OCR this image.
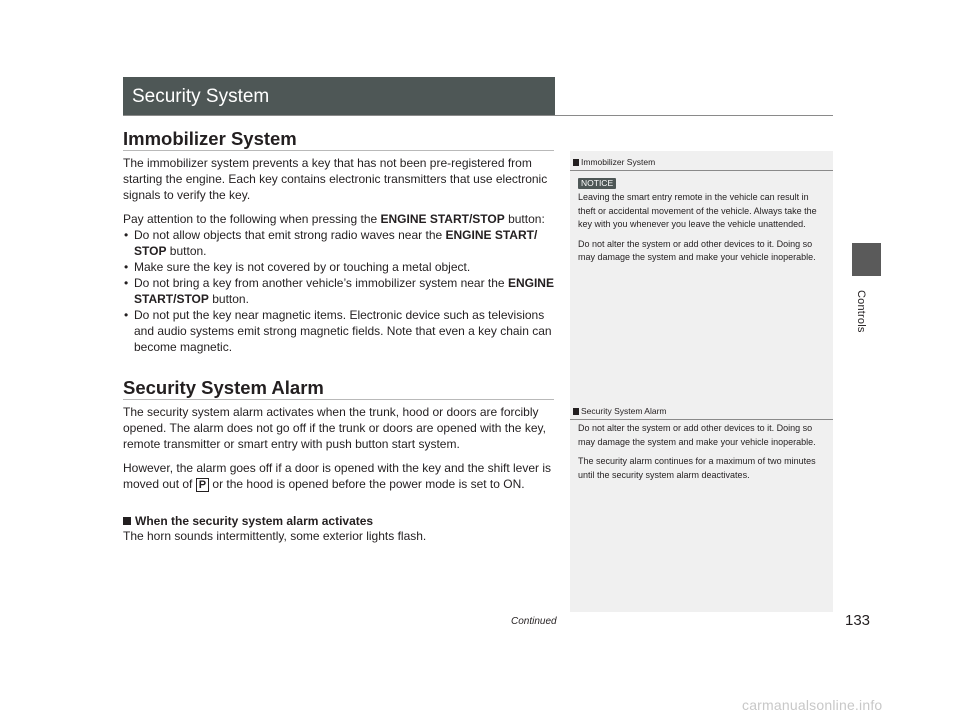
Security System
Controls
Immobilizer System
The immobilizer system prevents a key that has not been pre-registered from starting the engine. Each key contains electronic transmitters that use electronic signals to verify the key.
Pay attention to the following when pressing the ENGINE START/STOP button:
• Do not allow objects that emit strong radio waves near the ENGINE START/ STOP button.
• Make sure the key is not covered by or touching a metal object.
• Do not bring a key from another vehicle’s immobilizer system near the ENGINE START/STOP button.
• Do not put the key near magnetic items. Electronic device such as televisions and audio systems emit strong magnetic fields. Note that even a key chain can become magnetic.
Security System Alarm
The security system alarm activates when the trunk, hood or doors are forcibly opened. The alarm does not go off if the trunk or doors are opened with the key, remote transmitter or smart entry with push button start system.
However, the alarm goes off if a door is opened with the key and the shift lever is moved out of P or the hood is opened before the power mode is set to ON.
When the security system alarm activates
The horn sounds intermittently, some exterior lights flash.
Immobilizer System
NOTICE
Leaving the smart entry remote in the vehicle can result in theft or accidental movement of the vehicle. Always take the key with you whenever you leave the vehicle unattended.
Do not alter the system or add other devices to it. Doing so may damage the system and make your vehicle inoperable.
Security System Alarm
Do not alter the system or add other devices to it. Doing so may damage the system and make your vehicle inoperable.
The security alarm continues for a maximum of two minutes until the security system alarm deactivates.
Continued	133
carmanualsonline.info
